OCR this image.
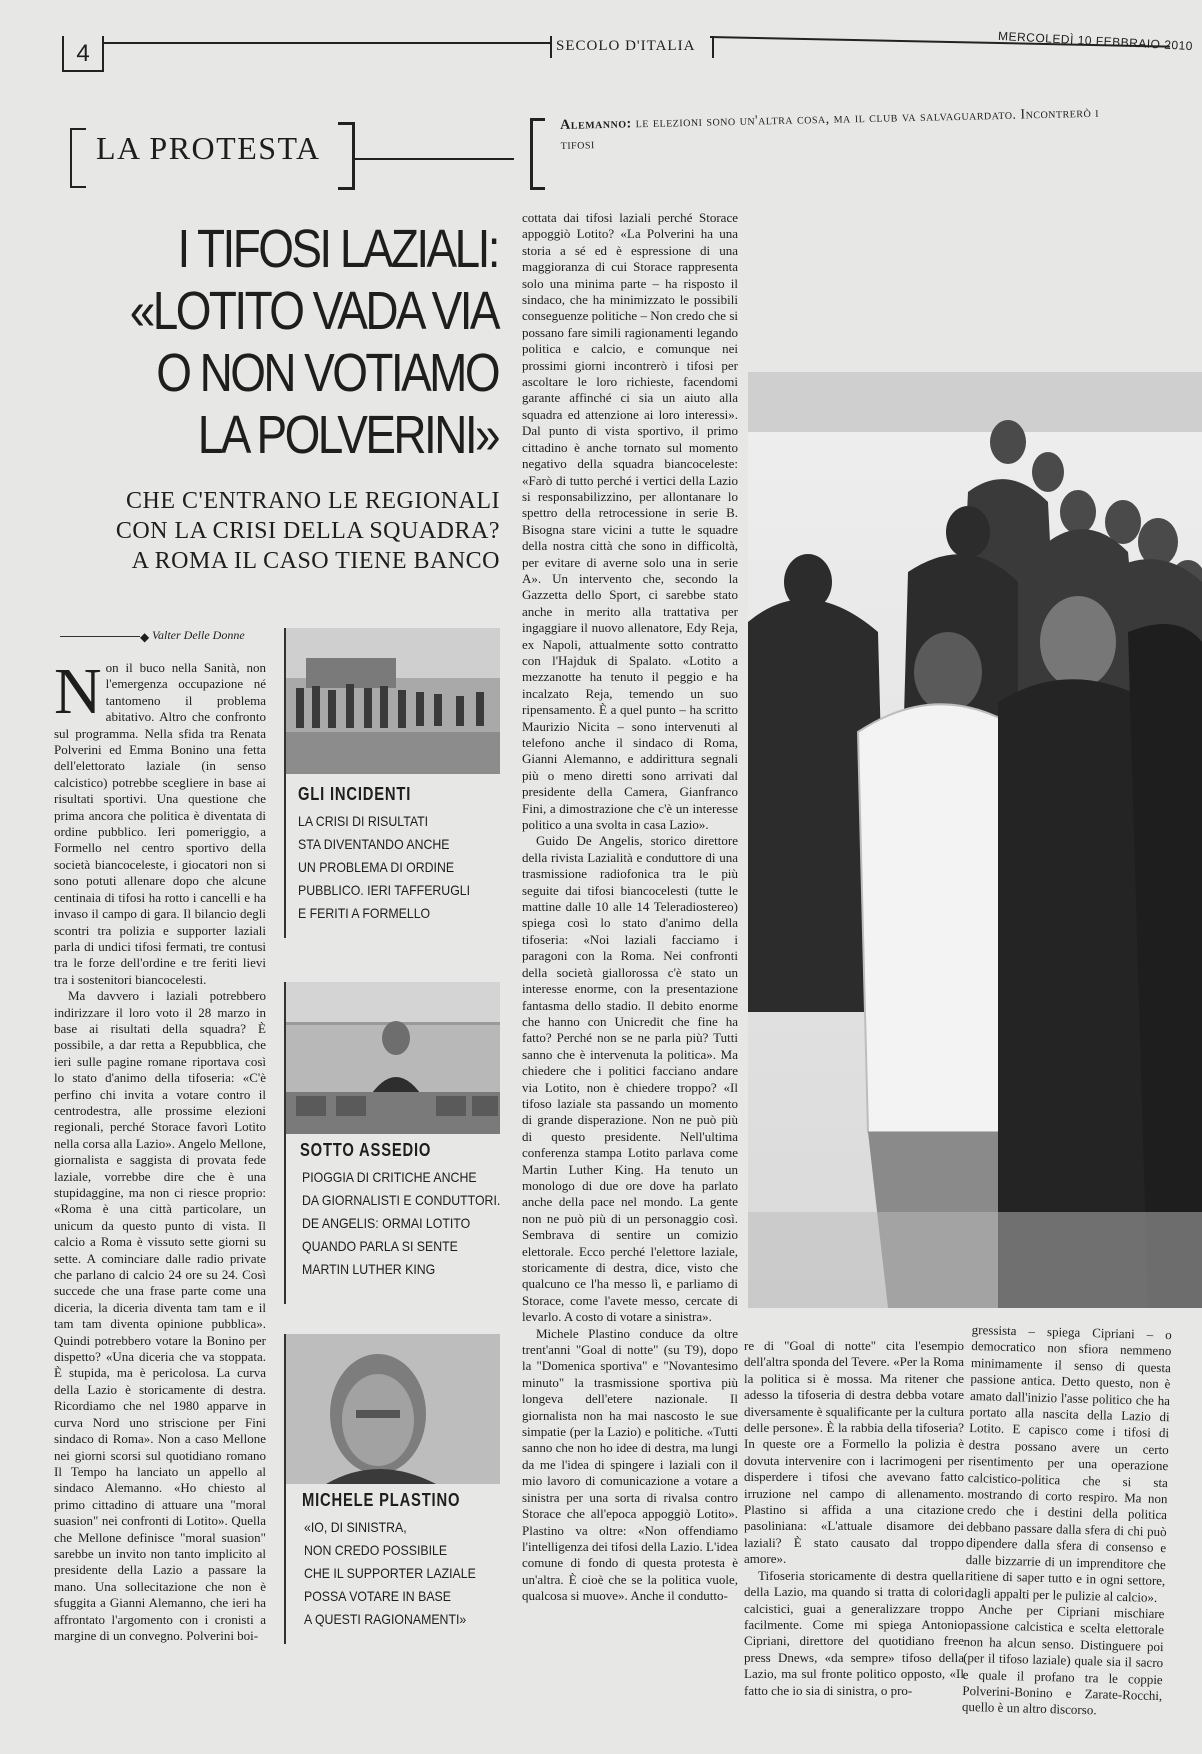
4	SECOLO D'ITALIA	MERCOLEDÌ 10 FEBBRAIO 2010
LA PROTESTA
Alemanno: le elezioni sono un'altra cosa, ma il club va salvaguardato. Incontrerò i tifosi
I TIFOSI LAZIALI:
«LOTITO VADA VIA
O NON VOTIAMO
LA POLVERINI»
CHE C'ENTRANO LE REGIONALI
CON LA CRISI DELLA SQUADRA?
A ROMA IL CASO TIENE BANCO
◆ Valter Delle Donne
N on il buco nella Sanità, non l'emergenza occupazione né tantomeno il problema abitativo. Altro che confronto sul programma. Nella sfida tra Renata Polverini ed Emma Bonino una fetta dell'elettorato laziale (in senso calcistico) potrebbe scegliere in base ai risultati sportivi. Una questione che prima ancora che politica è diventata di ordine pubblico. Ieri pomeriggio, a Formello nel centro sportivo della società biancoceleste, i giocatori non si sono potuti allenare dopo che alcune centinaia di tifosi ha rotto i cancelli e ha invaso il campo di gara. Il bilancio degli scontri tra polizia e supporter laziali parla di undici tifosi fermati, tre contusi tra le forze dell'ordine e tre feriti lievi tra i sostenitori biancocelesti.

Ma davvero i laziali potrebbero indirizzare il loro voto il 28 marzo in base ai risultati della squadra? È possibile, a dar retta a Repubblica, che ieri sulle pagine romane riportava così lo stato d'animo della tifoseria: «C'è perfino chi invita a votare contro il centrodestra, alle prossime elezioni regionali, perché Storace favorì Lotito nella corsa alla Lazio». Angelo Mellone, giornalista e saggista di provata fede laziale, vorrebbe dire che è una stupidaggine, ma non ci riesce proprio: «Roma è una città particolare, un unicum da questo punto di vista. Il calcio a Roma è vissuto sette giorni su sette. A cominciare dalle radio private che parlano di calcio 24 ore su 24. Così succede che una frase parte come una diceria, la diceria diventa tam tam e il tam tam diventa opinione pubblica». Quindi potrebbero votare la Bonino per dispetto? «Una diceria che va stoppata. È stupida, ma è pericolosa. La curva della Lazio è storicamente di destra. Ricordiamo che nel 1980 apparve in curva Nord uno striscione per Fini sindaco di Roma». Non a caso Mellone nei giorni scorsi sul quotidiano romano Il Tempo ha lanciato un appello al sindaco Alemanno. «Ho chiesto al primo cittadino di attuare una "moral suasion" nei confronti di Lotito». Quella che Mellone definisce "moral suasion" sarebbe un invito non tanto implicito al presidente della Lazio a passare la mano. Una sollecitazione che non è sfuggita a Gianni Alemanno, che ieri ha affrontato l'argomento con i cronisti a margine di un convegno. Polverini boi-

cottata dai tifosi laziali perché Storace appoggiò Lotito? «La Polverini ha una storia a sé ed è espressione di una maggioranza di cui Storace rappresenta solo una minima parte – ha risposto il sindaco, che ha minimizzato le possibili conseguenze politiche – Non credo che si possano fare simili ragionamenti legando politica e calcio, e comunque nei prossimi giorni incontrerò i tifosi per ascoltare le loro richieste, facendomi garante affinché ci sia un aiuto alla squadra ed attenzione ai loro interessi». Dal punto di vista sportivo, il primo cittadino è anche tornato sul momento negativo della squadra biancoceleste: «Farò di tutto perché i vertici della Lazio si responsabilizzino, per allontanare lo spettro della retrocessione in serie B. Bisogna stare vicini a tutte le squadre della nostra città che sono in difficoltà, per evitare di averne solo una in serie A». Un intervento che, secondo la Gazzetta dello Sport, ci sarebbe stato anche in merito alla trattativa per ingaggiare il nuovo allenatore, Edy Reja, ex Napoli, attualmente sotto contratto con l'Hajduk di Spalato. «Lotito a mezzanotte ha tenuto il peggio e ha incalzato Reja, temendo un suo ripensamento. È a quel punto – ha scritto Maurizio Nicita – sono intervenuti al telefono anche il sindaco di Roma, Gianni Alemanno, e addirittura segnali più o meno diretti sono arrivati dal presidente della Camera, Gianfranco Fini, a dimostrazione che c'è un interesse politico a una svolta in casa Lazio».

Guido De Angelis, storico direttore della rivista Lazialità e conduttore di una trasmissione radiofonica tra le più seguite dai tifosi biancocelesti (tutte le mattine dalle 10 alle 14 Teleradiostereo) spiega così lo stato d'animo della tifoseria: «Noi laziali facciamo i paragoni con la Roma. Nei confronti della società giallorossa c'è stato un interesse enorme, con la presentazione fantasma dello stadio. Il debito enorme che hanno con Unicredit che fine ha fatto? Perché non se ne parla più? Tutti sanno che è intervenuta la politica». Ma chiedere che i politici facciano andare via Lotito, non è chiedere troppo? «Il tifoso laziale sta passando un momento di grande disperazione. Non ne può più di questo presidente. Nell'ultima conferenza stampa Lotito parlava come Martin Luther King. Ha tenuto un monologo di due ore dove ha parlato anche della pace nel mondo. La gente non ne può più di un personaggio così. Sembrava di sentire un comizio elettorale. Ecco perché l'elettore laziale, storicamente di destra, dice, visto che qualcuno ce l'ha messo lì, e parliamo di Storace, come l'avete messo, cercate di levarlo. A costo di votare a sinistra».

Michele Plastino conduce da oltre trent'anni "Goal di notte" (su T9), dopo la "Domenica sportiva" e "Novantesimo minuto" la trasmissione sportiva più longeva dell'etere nazionale. Il giornalista non ha mai nascosto le sue simpatie (per la Lazio) e politiche. «Tutti sanno che non ho idee di destra, ma lungi da me l'idea di spingere i laziali con il mio lavoro di comunicazione a votare a sinistra per una sorta di rivalsa contro Storace che all'epoca appoggiò Lotito». Plastino va oltre: «Non offendiamo l'intelligenza dei tifosi della Lazio. L'idea comune di fondo di questa protesta è un'altra. È cioè che se la politica vuole, qualcosa si muove». Anche il condutto-

re di "Goal di notte" cita l'esempio dell'altra sponda del Tevere. «Per la Roma la politica si è mossa. Ma ritener che adesso la tifoseria di destra debba votare diversamente è squalificante per la cultura delle persone». È la rabbia della tifoseria? In queste ore a Formello la polizia è dovuta intervenire con i lacrimogeni per disperdere i tifosi che avevano fatto irruzione nel campo di allenamento. Plastino si affida a una citazione pasoliniana: «L'attuale disamore dei laziali? È stato causato dal troppo amore».

Tifoseria storicamente di destra quella della Lazio, ma quando si tratta di colori calcistici, guai a generalizzare troppo facilmente. Come mi spiega Antonio Cipriani, direttore del quotidiano free press Dnews, «da sempre» tifoso della Lazio, ma sul fronte politico opposto, «Il fatto che io sia di sinistra, o pro-

gressista – spiega Cipriani – o democratico non sfiora nemmeno minimamente il senso di questa passione antica. Detto questo, non è amato dall'inizio l'asse politico che ha portato alla nascita della Lazio di Lotito. E capisco come i tifosi di destra possano avere un certo risentimento per una operazione calcistico-politica che si sta mostrando di corto respiro. Ma non credo che i destini della politica debbano passare dalla sfera di chi può dipendere dalla sfera di consenso e dalle bizzarrie di un imprenditore che ritiene di saper tutto e in ogni settore, dagli appalti per le pulizie al calcio».

Anche per Cipriani mischiare passione calcistica e scelta elettorale non ha alcun senso. Distinguere poi (per il tifoso laziale) quale sia il sacro e quale il profano tra le coppie Polverini-Bonino e Zarate-Rocchi, quello è un altro discorso.

GLI INCIDENTI
LA CRISI DI RISULTATI
STA DIVENTANDO ANCHE
UN PROBLEMA DI ORDINE
PUBBLICO. IERI TAFFERUGLI
E FERITI A FORMELLO
SOTTO ASSEDIO
PIOGGIA DI CRITICHE ANCHE
DA GIORNALISTI E CONDUTTORI.
DE ANGELIS: ORMAI LOTITO
QUANDO PARLA SI SENTE
MARTIN LUTHER KING
MICHELE PLASTINO
«IO, DI SINISTRA,
NON CREDO POSSIBILE
CHE IL SUPPORTER LAZIALE
POSSA VOTARE IN BASE
A QUESTI RAGIONAMENTI»
